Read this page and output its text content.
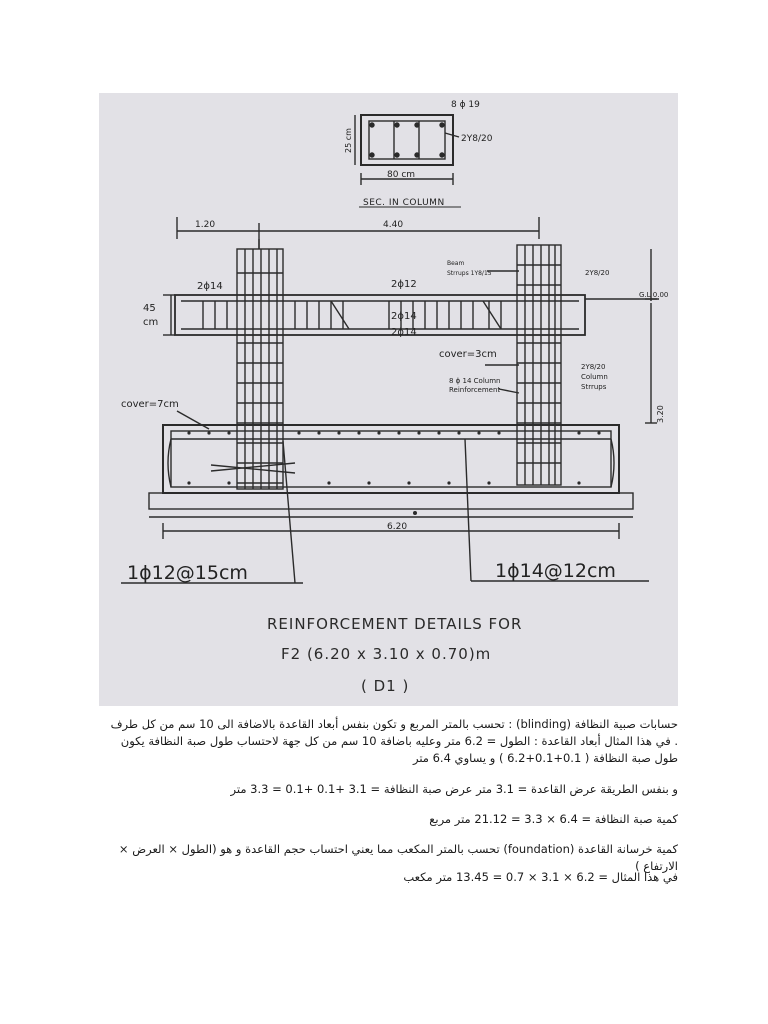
8 ϕ 19
25 cm	2Y8/20
80 cm
SEC. IN COLUMN
1.20	4.40
45
cm
6.20
3.20
2ϕ14	2ϕ12
2ϕ14
2ϕ14
Beam
Strrups 1Y8/15	2Y8/20
G.L 0.00
cover=3cm
8 ϕ 14 Column
Reinforcement
2Y8/20
Column
Strrups
cover=7cm
1ϕ12@15cm	1ϕ14@12cm
REINFORCEMENT DETAILS FOR
F2 (6.20 x 3.10 x 0.70)m
( D1 )

حسابات صبية النظافة (blinding) : تحسب بالمتر المربع و تكون بنفس أبعاد القاعدة بالاضافة الى 10 سم من كل طرف . في هذا المثال أبعاد القاعدة : الطول = 6.2 متر وعليه باضافة 10 سم من كل جهة لاحتساب طول صبة النظافة يكون طول صبة النظافة ( 0.1+0.1+6.2 ) و يساوي 6.4 متر

و بنفس الطريقة عرض القاعدة = 3.1 متر عرض صبة النظافة = 3.1 +0.1 +0.1 = 3.3 متر

كمية صبة النظافة = 6.4 × 3.3 = 21.12 متر مربع

كمية خرسانة القاعدة (foundation) تحسب بالمتر المكعب مما يعني احتساب حجم القاعدة و هو (الطول × العرض × الارتفاع )

في هذا المثال = 6.2 × 3.1 × 0.7 = 13.45 متر مكعب
